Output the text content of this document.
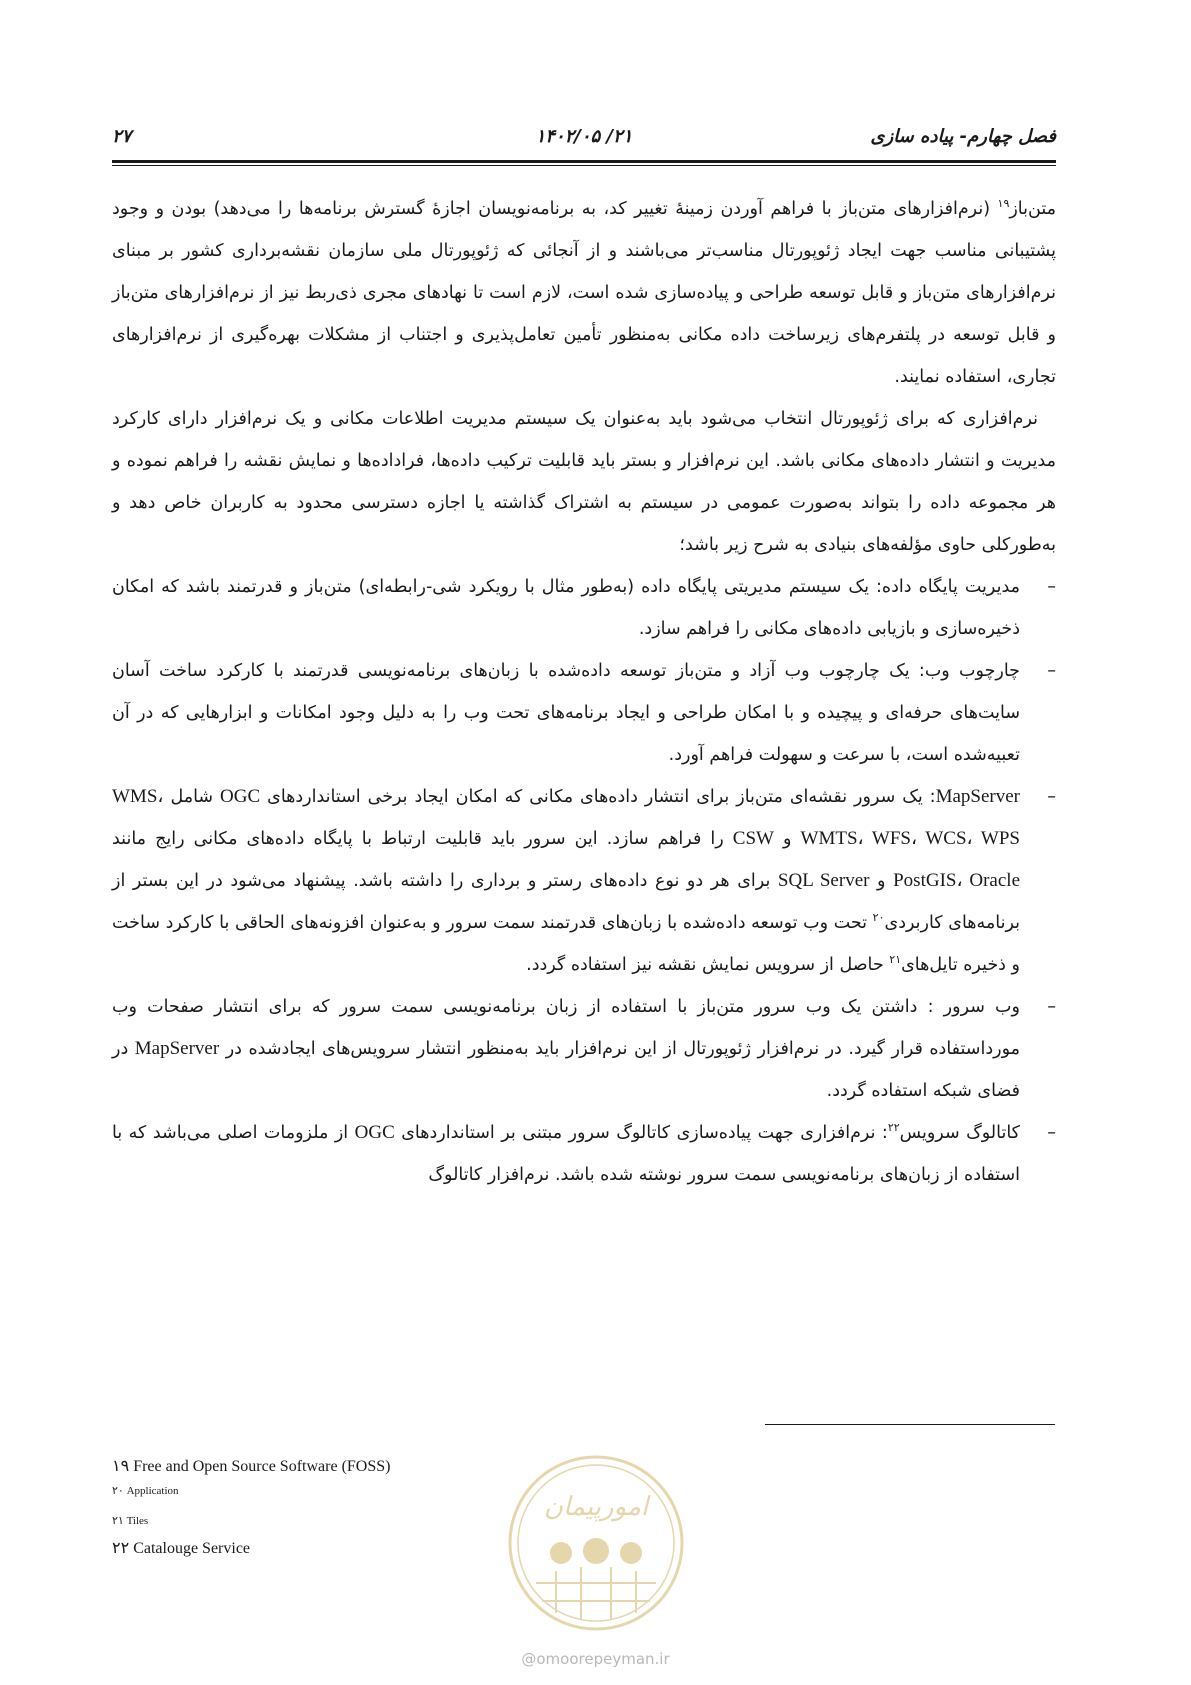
فصل چهارم- پیاده سازی
۲۱/ ۱۴۰۲/۰۵
۲۷

متن‌باز$^{۱۹}$ (نرم‌افزارهای متن‌باز با فراهم آوردن زمینهٔ تغییر کد، به برنامه‌نویسان اجازهٔ گسترش برنامه‌ها را می‌دهد) بودن و وجود پشتیبانی مناسب جهت ایجاد ژئوپورتال مناسب‌تر می‌باشند و از آنجائی که ژئوپورتال ملی سازمان نقشه‌برداری کشور بر مبنای نرم‌افزارهای متن‌باز و قابل توسعه طراحی و پیاده‌سازی شده است، لازم است تا نهادهای مجری ذی‌ربط نیز از نرم‌افزارهای متن‌باز و قابل توسعه در پلتفرم‌های زیرساخت داده مکانی به‌منظور تأمین تعامل‌پذیری و اجتناب از مشکلات بهره‌گیری از نرم‌افزارهای تجاری، استفاده نمایند.

نرم‌افزاری که برای ژئوپورتال انتخاب می‌شود باید به‌عنوان یک سیستم مدیریت اطلاعات مکانی و یک نرم‌افزار دارای کارکرد مدیریت و انتشار داده‌های مکانی باشد. این نرم‌افزار و بستر باید قابلیت ترکیب داده‌ها، فراداده‌ها و نمایش نقشه را فراهم نموده و هر مجموعه داده را بتواند به‌صورت عمومی در سیستم به اشتراک گذاشته یا اجازه دسترسی محدود به کاربران خاص دهد و به‌طورکلی حاوی مؤلفه‌های بنیادی به شرح زیر باشد؛

–
مدیریت پایگاه داده: یک سیستم مدیریتی پایگاه داده (به‌طور مثال با رویکرد شی-رابطه‌ای) متن‌باز و قدرتمند باشد که امکان ذخیره‌سازی و بازیابی داده‌های مکانی را فراهم سازد.
–
چارچوب وب: یک چارچوب وب آزاد و متن‌باز توسعه داده‌شده با زبان‌های برنامه‌نویسی قدرتمند با کارکرد ساخت آسان سایت‌های حرفه‌ای و پیچیده و با امکان طراحی و ایجاد برنامه‌های تحت وب را به دلیل وجود امکانات و ابزارهایی که در آن تعبیه‌شده است، با سرعت و سهولت فراهم آورد.
–
MapServer: یک سرور نقشه‌ای متن‌باز برای انتشار داده‌های مکانی که امکان ایجاد برخی استانداردهای OGC شامل WMS، WMTS، WFS، WCS، WPS و CSW را فراهم سازد. این سرور باید قابلیت ارتباط با پایگاه داده‌های مکانی رایج مانند PostGIS، Oracle و SQL Server برای هر دو نوع داده‌های رستر و برداری را داشته باشد. پیشنهاد می‌شود در این بستر از برنامه‌های کاربردی$^{۲۰}$ تحت وب توسعه داده‌شده با زبان‌های قدرتمند سمت سرور و به‌عنوان افزونه‌های الحاقی با کارکرد ساخت و ذخیره تایل‌های$^{۲۱}$ حاصل از سرویس نمایش نقشه نیز استفاده گردد.
–
وب سرور : داشتن یک وب سرور متن‌باز با استفاده از زبان برنامه‌نویسی سمت سرور که برای انتشار صفحات وب مورداستفاده قرار گیرد. در نرم‌افزار ژئوپورتال از این نرم‌افزار باید به‌منظور انتشار سرویس‌های ایجادشده در MapServer در فضای شبکه استفاده گردد.
–
کاتالوگ سرویس$^{۲۲}$: نرم‌افزاری جهت پیاده‌سازی کاتالوگ سرور مبتنی بر استانداردهای OGC از ملزومات اصلی می‌باشد که با استفاده از زبان‌های برنامه‌نویسی سمت سرور نوشته شده باشد. نرم‌افزار کاتالوگ
۱۹ Free and Open Source Software (FOSS)
۲۰ Application
۲۱ Tiles
۲۲ Catalouge Service
امورپیمان
@omoorepeyman.ir
